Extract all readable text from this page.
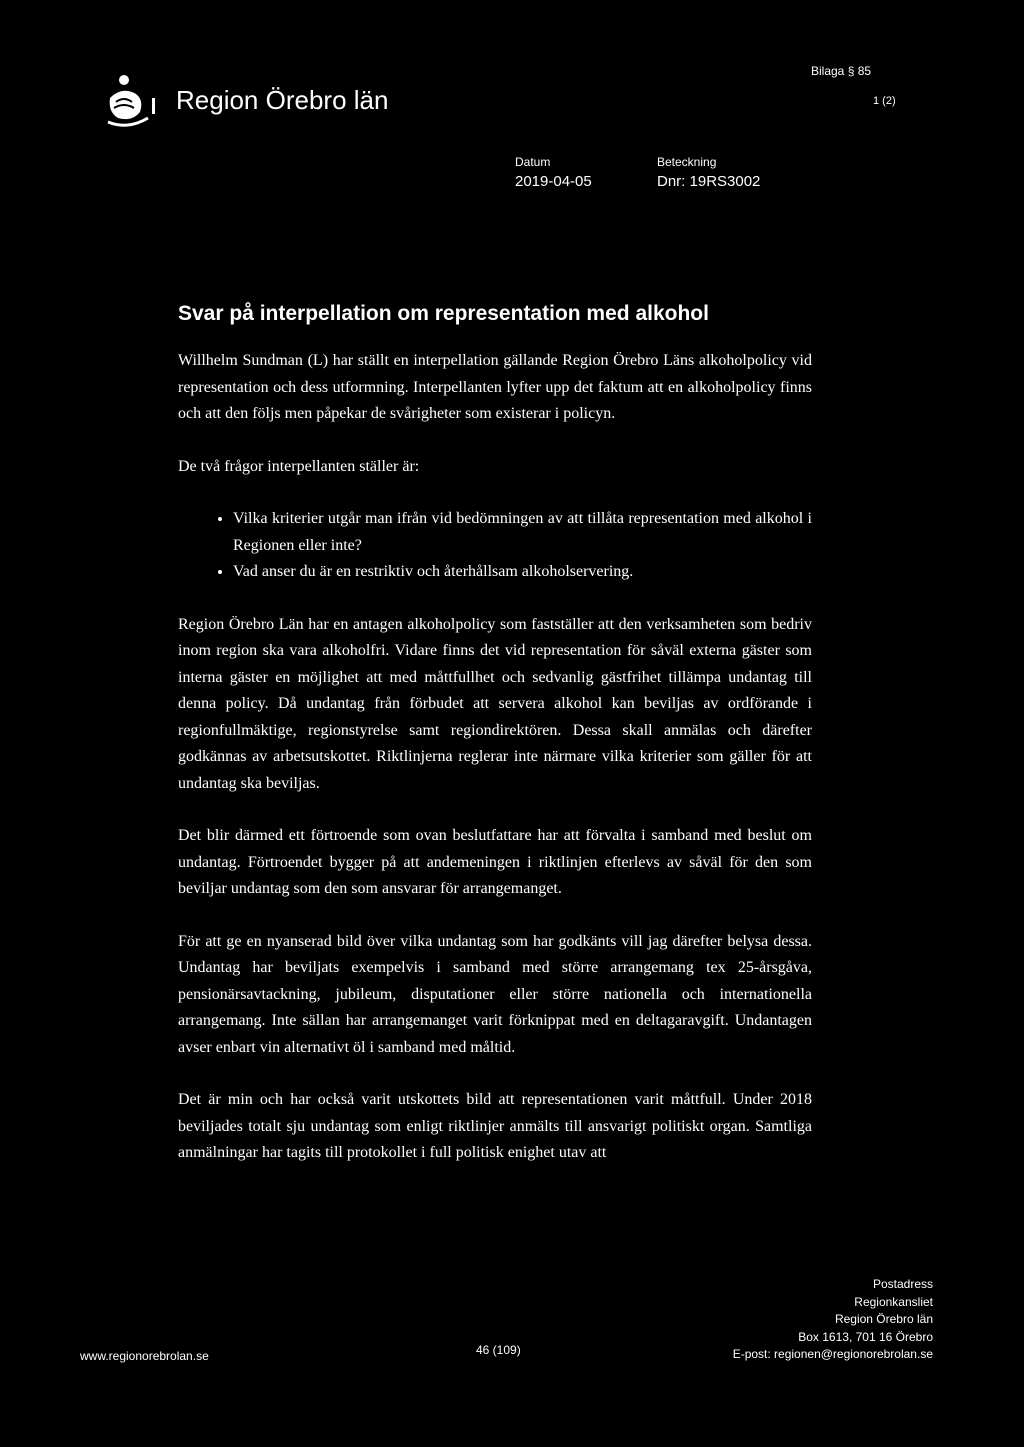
Region Örebro län
Bilaga § 85
1 (2)
Datum
2019-04-05
Beteckning
Dnr: 19RS3002
Svar på interpellation om representation med alkohol

Willhelm Sundman (L) har ställt en interpellation gällande Region Örebro Läns alkoholpolicy vid representation och dess utformning. Interpellanten lyfter upp det faktum att en alkoholpolicy finns och att den följs men påpekar de svårigheter som existerar i policyn.

De två frågor interpellanten ställer är:

• Vilka kriterier utgår man ifrån vid bedömningen av att tillåta representation med alkohol i Regionen eller inte?
• Vad anser du är en restriktiv och återhållsam alkoholservering.

Region Örebro Län har en antagen alkoholpolicy som fastställer att den verksamheten som bedriv inom region ska vara alkoholfri. Vidare finns det vid representation för såväl externa gäster som interna gäster en möjlighet att med måttfullhet och sedvanlig gästfrihet tillämpa undantag till denna policy. Då undantag från förbudet att servera alkohol kan beviljas av ordförande i regionfullmäktige, regionstyrelse samt regiondirektören. Dessa skall anmälas och därefter godkännas av arbetsutskottet. Riktlinjerna reglerar inte närmare vilka kriterier som gäller för att undantag ska beviljas.

Det blir därmed ett förtroende som ovan beslutfattare har att förvalta i samband med beslut om undantag. Förtroendet bygger på att andemeningen i riktlinjen efterlevs av såväl för den som beviljar undantag som den som ansvarar för arrangemanget.

För att ge en nyanserad bild över vilka undantag som har godkänts vill jag därefter belysa dessa. Undantag har beviljats exempelvis i samband med större arrangemang tex 25-årsgåva, pensionärsavtackning, jubileum, disputationer eller större nationella och internationella arrangemang. Inte sällan har arrangemanget varit förknippat med en deltagaravgift. Undantagen avser enbart vin alternativt öl i samband med måltid.

Det är min och har också varit utskottets bild att representationen varit måttfull. Under 2018 beviljades totalt sju undantag som enligt riktlinjer anmälts till ansvarigt politiskt organ. Samtliga anmälningar har tagits till protokollet i full politisk enighet utav att

www.regionorebrolan.se	46 (109)
Postadress
Regionkansliet
Region Örebro län
Box 1613, 701 16 Örebro
E-post: regionen@regionorebrolan.se
